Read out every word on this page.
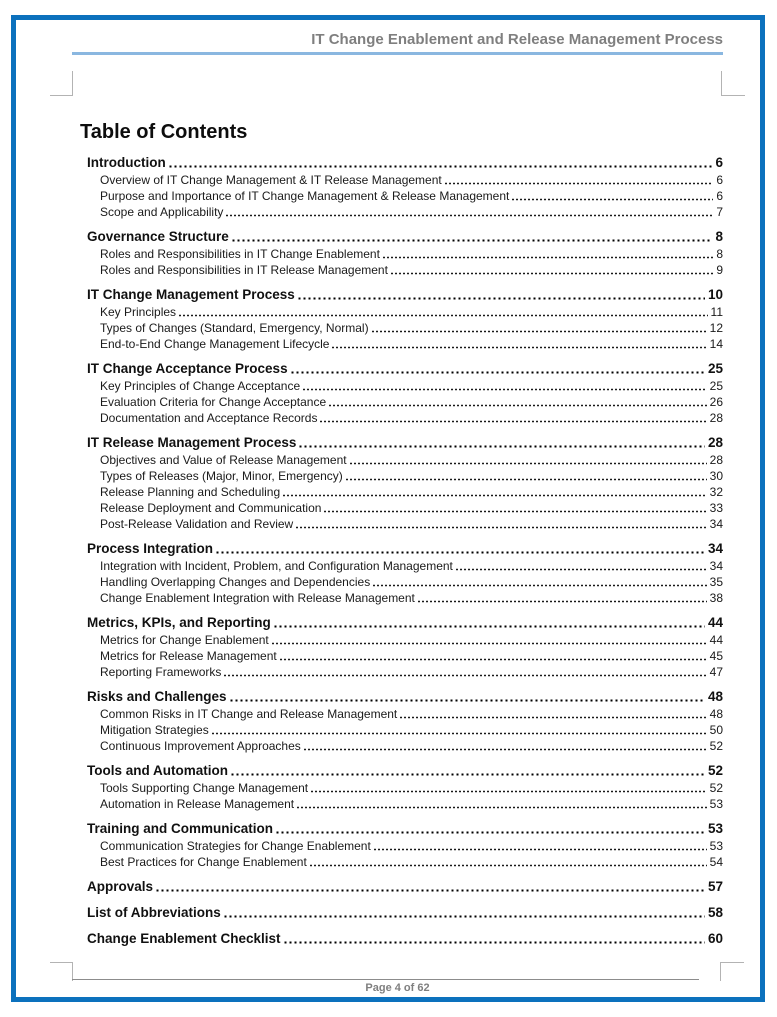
IT Change Enablement and Release Management Process
Table of Contents
Introduction	6
Overview of IT Change Management & IT Release Management	6
Purpose and Importance of IT Change Management & Release Management	6
Scope and Applicability	7
Governance Structure	8
Roles and Responsibilities in IT Change Enablement	8
Roles and Responsibilities in IT Release Management	9
IT Change Management Process	10
Key Principles	11
Types of Changes (Standard, Emergency, Normal)	12
End-to-End Change Management Lifecycle	14
IT Change Acceptance Process	25
Key Principles of Change Acceptance	25
Evaluation Criteria for Change Acceptance	26
Documentation and Acceptance Records	28
IT Release Management Process	28
Objectives and Value of Release Management	28
Types of Releases (Major, Minor, Emergency)	30
Release Planning and Scheduling	32
Release Deployment and Communication	33
Post-Release Validation and Review	34
Process Integration	34
Integration with Incident, Problem, and Configuration Management	34
Handling Overlapping Changes and Dependencies	35
Change Enablement Integration with Release Management	38
Metrics, KPIs, and Reporting	44
Metrics for Change Enablement	44
Metrics for Release Management	45
Reporting Frameworks	47
Risks and Challenges	48
Common Risks in IT Change and Release Management	48
Mitigation Strategies	50
Continuous Improvement Approaches	52
Tools and Automation	52
Tools Supporting Change Management	52
Automation in Release Management	53
Training and Communication	53
Communication Strategies for Change Enablement	53
Best Practices for Change Enablement	54
Approvals	57
List of Abbreviations	58
Change Enablement Checklist	60
Page 4 of 62
